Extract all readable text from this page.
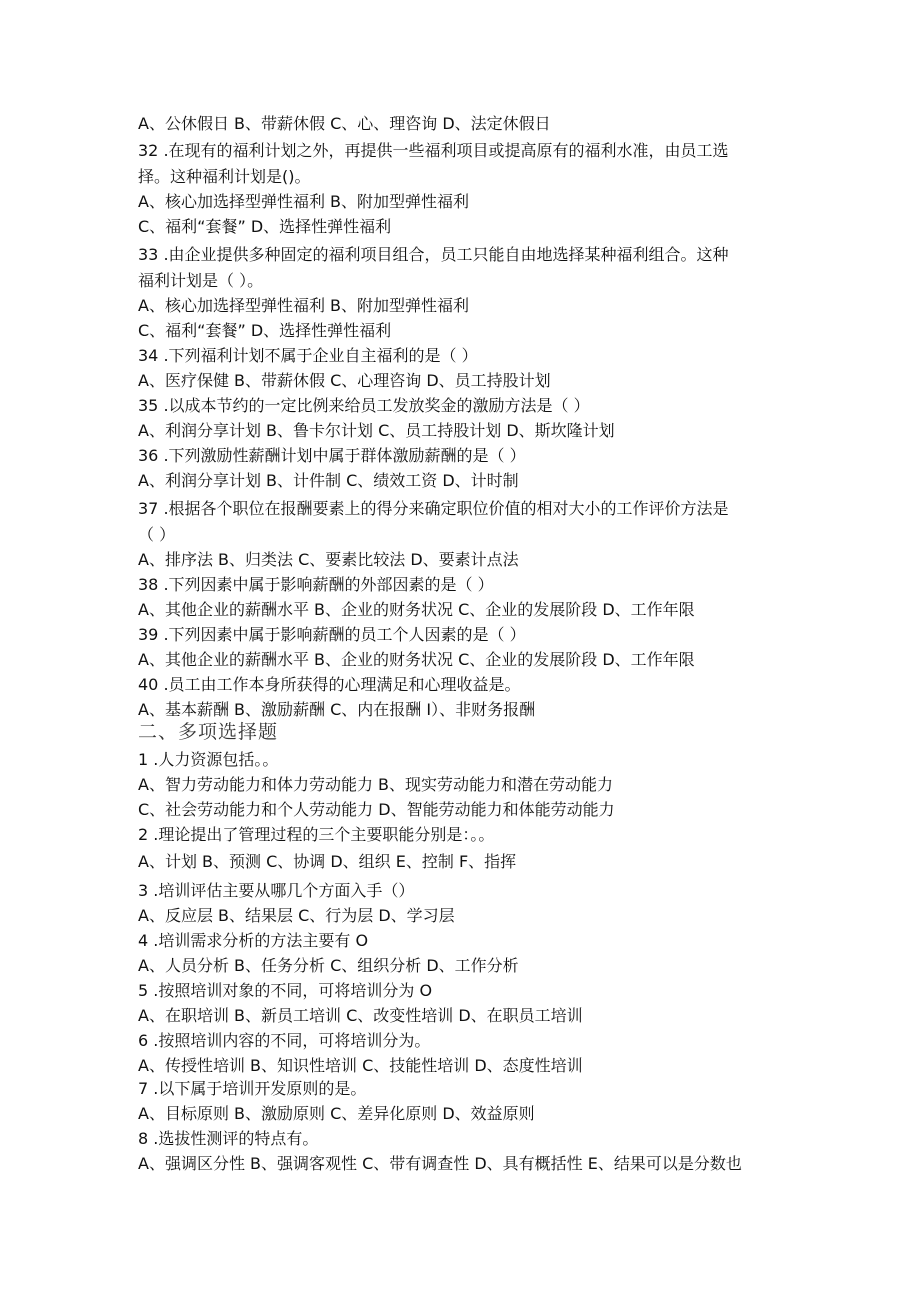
A、公休假日 B、带薪休假 C、心、理咨询 D、法定休假日
32 .在现有的福利计划之外，再提供一些福利项目或提高原有的福利水准，由员工选
择。这种福利计划是()。
A、核心加选择型弹性福利 B、附加型弹性福利
C、福利“套餐” D、选择性弹性福利
33 .由企业提供多种固定的福利项目组合，员工只能自由地选择某种福利组合。这种
福利计划是（ ）。
A、核心加选择型弹性福利 B、附加型弹性福利
C、福利“套餐” D、选择性弹性福利
34 .下列福利计划不属于企业自主福利的是（ ）
A、医疗保健 B、带薪休假 C、心理咨询 D、员工持股计划
35 .以成本节约的一定比例来给员工发放奖金的激励方法是（ ）
A、利润分享计划 B、鲁卡尔计划 C、员工持股计划 D、斯坎隆计划
36 .下列激励性薪酬计划中属于群体激励薪酬的是（ ）
A、利润分享计划 B、计件制 C、绩效工资 D、计时制
37 .根据各个职位在报酬要素上的得分来确定职位价值的相对大小的工作评价方法是
（ ）
A、排序法 B、归类法 C、要素比较法 D、要素计点法
38 .下列因素中属于影响薪酬的外部因素的是（ ）
A、其他企业的薪酬水平 B、企业的财务状况 C、企业的发展阶段 D、工作年限
39 .下列因素中属于影响薪酬的员工个人因素的是（ ）
A、其他企业的薪酬水平 B、企业的财务状况 C、企业的发展阶段 D、工作年限
40 .员工由工作本身所获得的心理满足和心理收益是。
A、基本薪酬 B、激励薪酬 C、内在报酬 I）、非财务报酬
二、多项选择题
1 .人力资源包括。。
A、智力劳动能力和体力劳动能力 B、现实劳动能力和潜在劳动能力
C、社会劳动能力和个人劳动能力 D、智能劳动能力和体能劳动能力
2 .理论提出了管理过程的三个主要职能分别是：。。
A、计划 B、预测 C、协调 D、组织 E、控制 F、指挥
3 .培训评估主要从哪几个方面入手（）
A、反应层 B、结果层 C、行为层 D、学习层
4 .培训需求分析的方法主要有 O
A、人员分析 B、任务分析 C、组织分析 D、工作分析
5 .按照培训对象的不同，可将培训分为 O
A、在职培训 B、新员工培训 C、改变性培训 D、在职员工培训
6 .按照培训内容的不同，可将培训分为。
A、传授性培训 B、知识性培训 C、技能性培训 D、态度性培训
7 .以下属于培训开发原则的是。
A、目标原则 B、激励原则 C、差异化原则 D、效益原则
8 .选拔性测评的特点有。
A、强调区分性 B、强调客观性 C、带有调查性 D、具有概括性 E、结果可以是分数也
